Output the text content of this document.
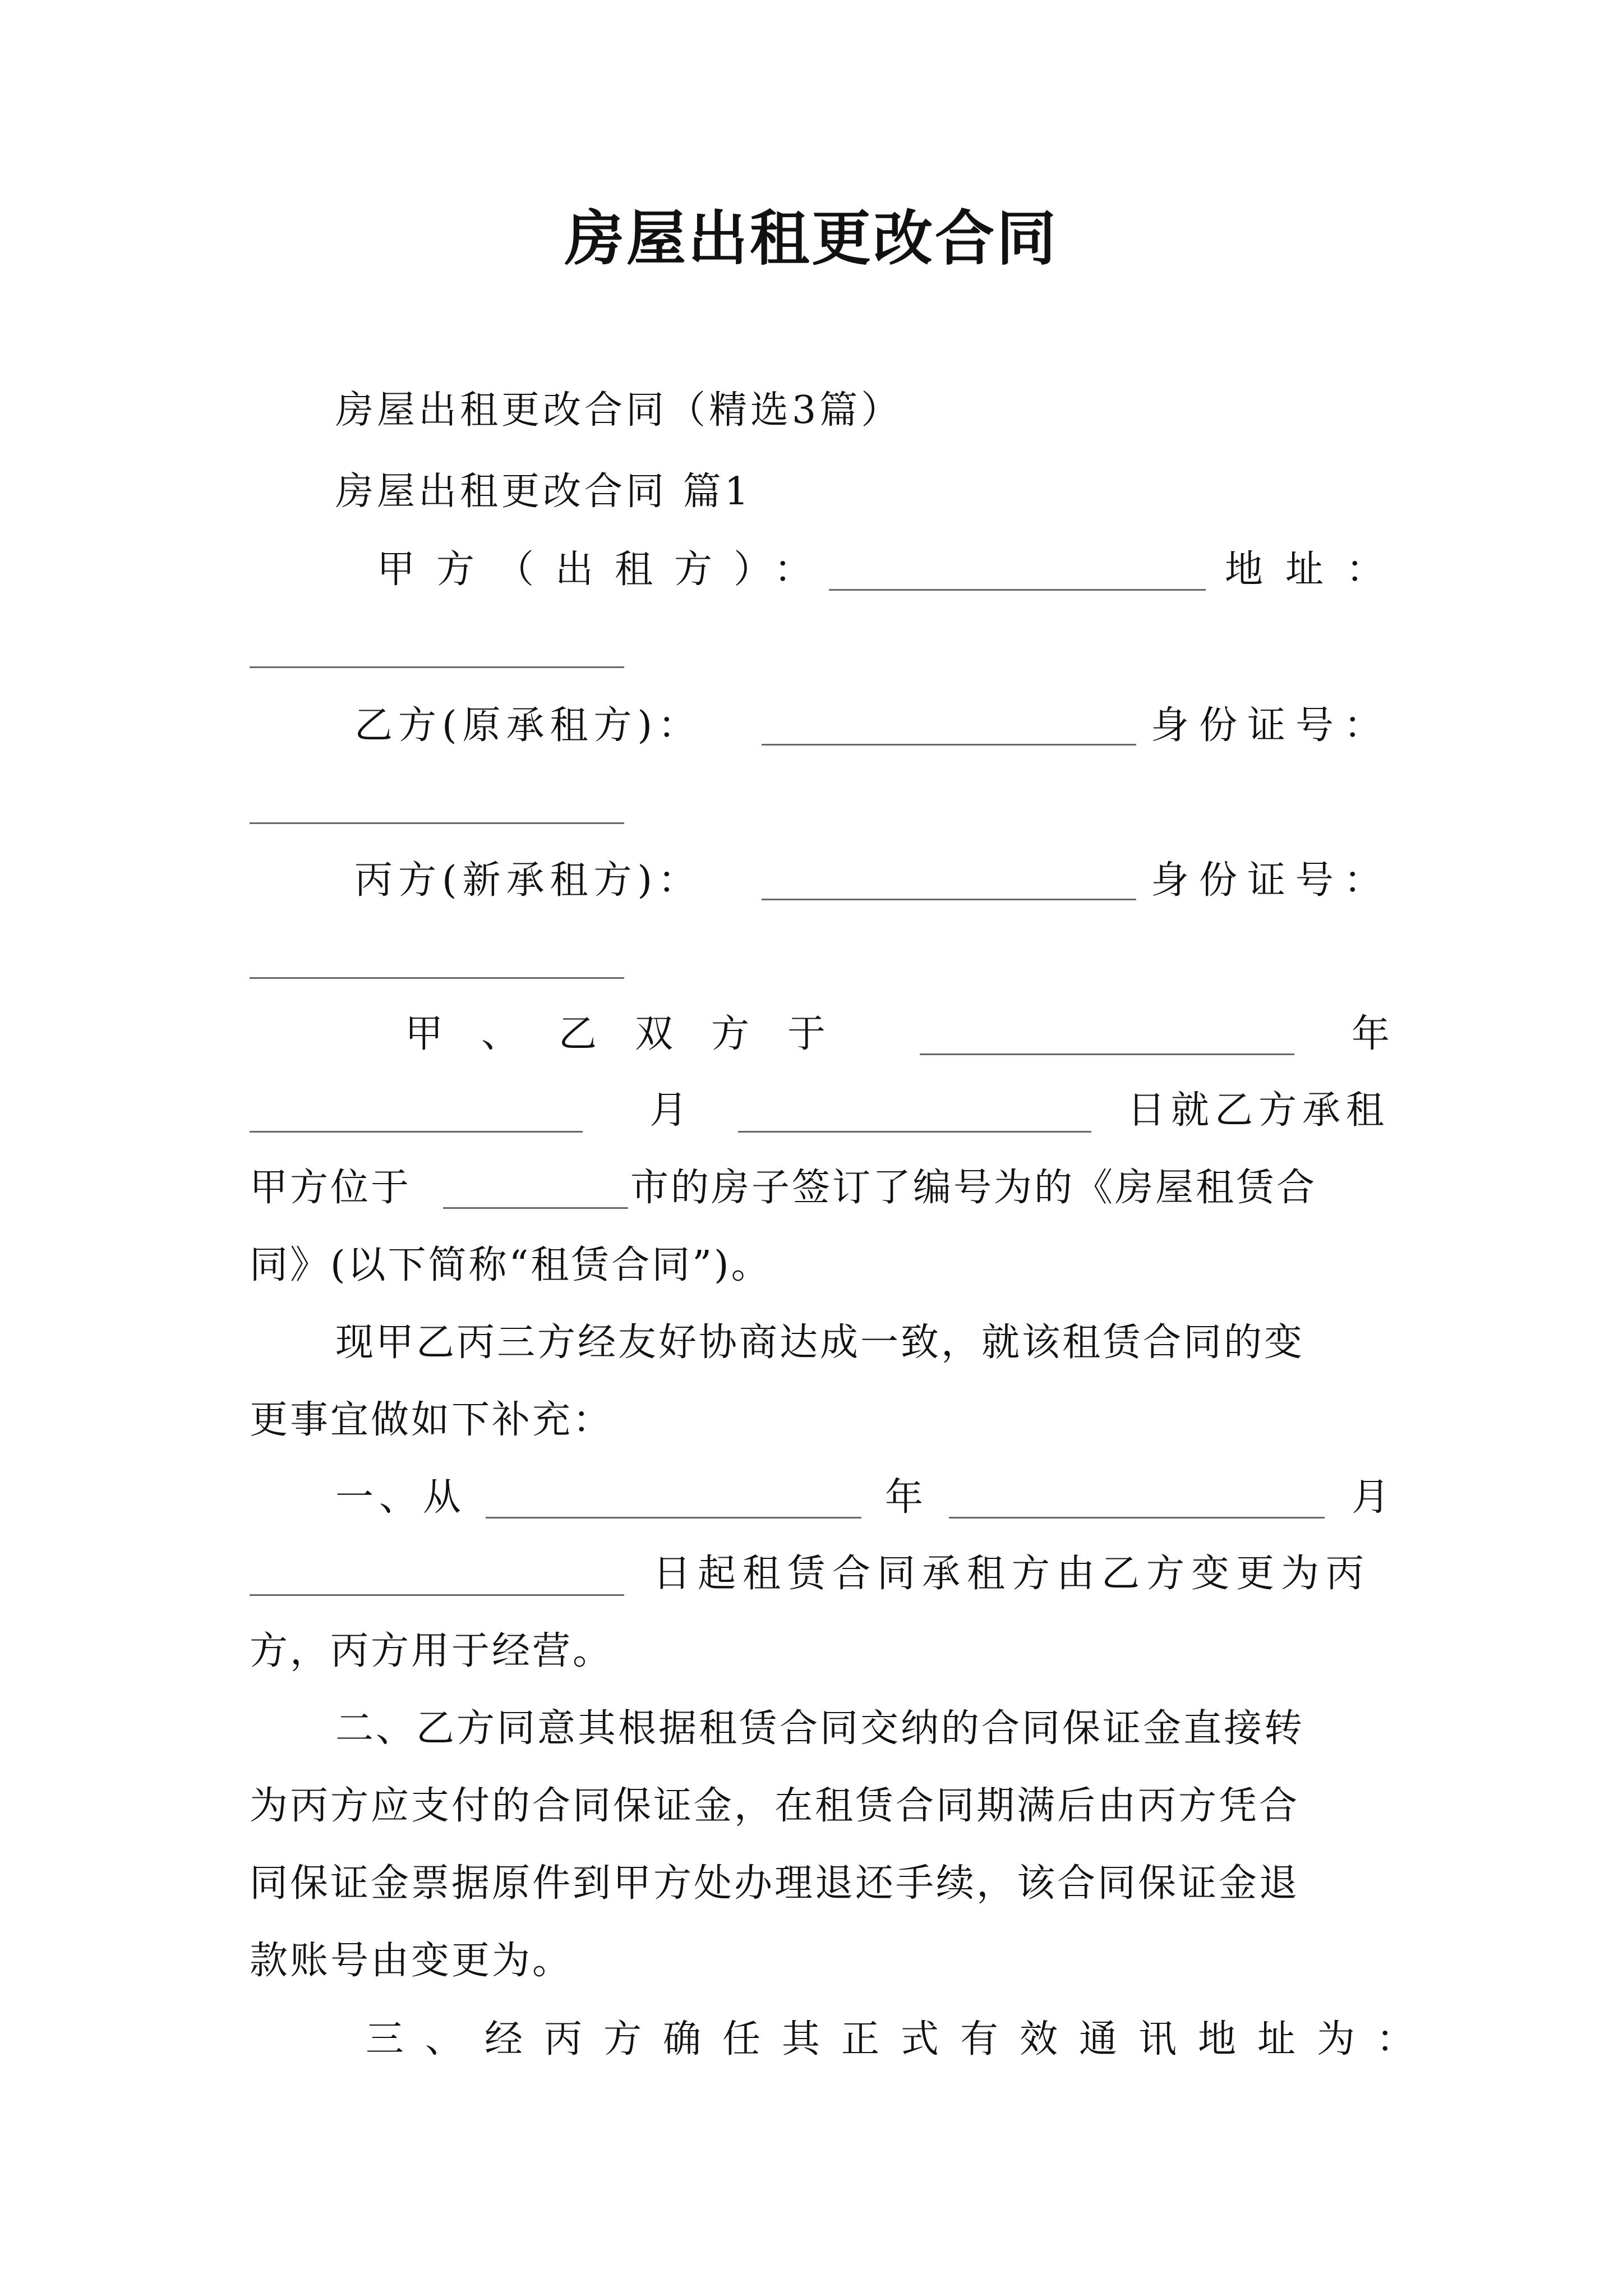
房屋出租更改合同
房屋出租更改合同（精选3篇）
房屋出租更改合同 篇1
甲方（出租方）：	地址：
乙方(原承租方)：	身份证号：
丙方(新承租方)：	身份证号：
甲 、 乙 双 方 于	年
月	日就乙方承租
甲方位于	市的房子签订了编号为的《房屋租赁合
同》(以下简称“租赁合同”)。
现甲乙丙三方经友好协商达成一致，就该租赁合同的变
更事宜做如下补充：
一、从	年	月
日起租赁合同承租方由乙方变更为丙
方，丙方用于经营。
二、乙方同意其根据租赁合同交纳的合同保证金直接转
为丙方应支付的合同保证金，在租赁合同期满后由丙方凭合
同保证金票据原件到甲方处办理退还手续，该合同保证金退
款账号由变更为。
三、经丙方确任其正式有效通讯地址为：
